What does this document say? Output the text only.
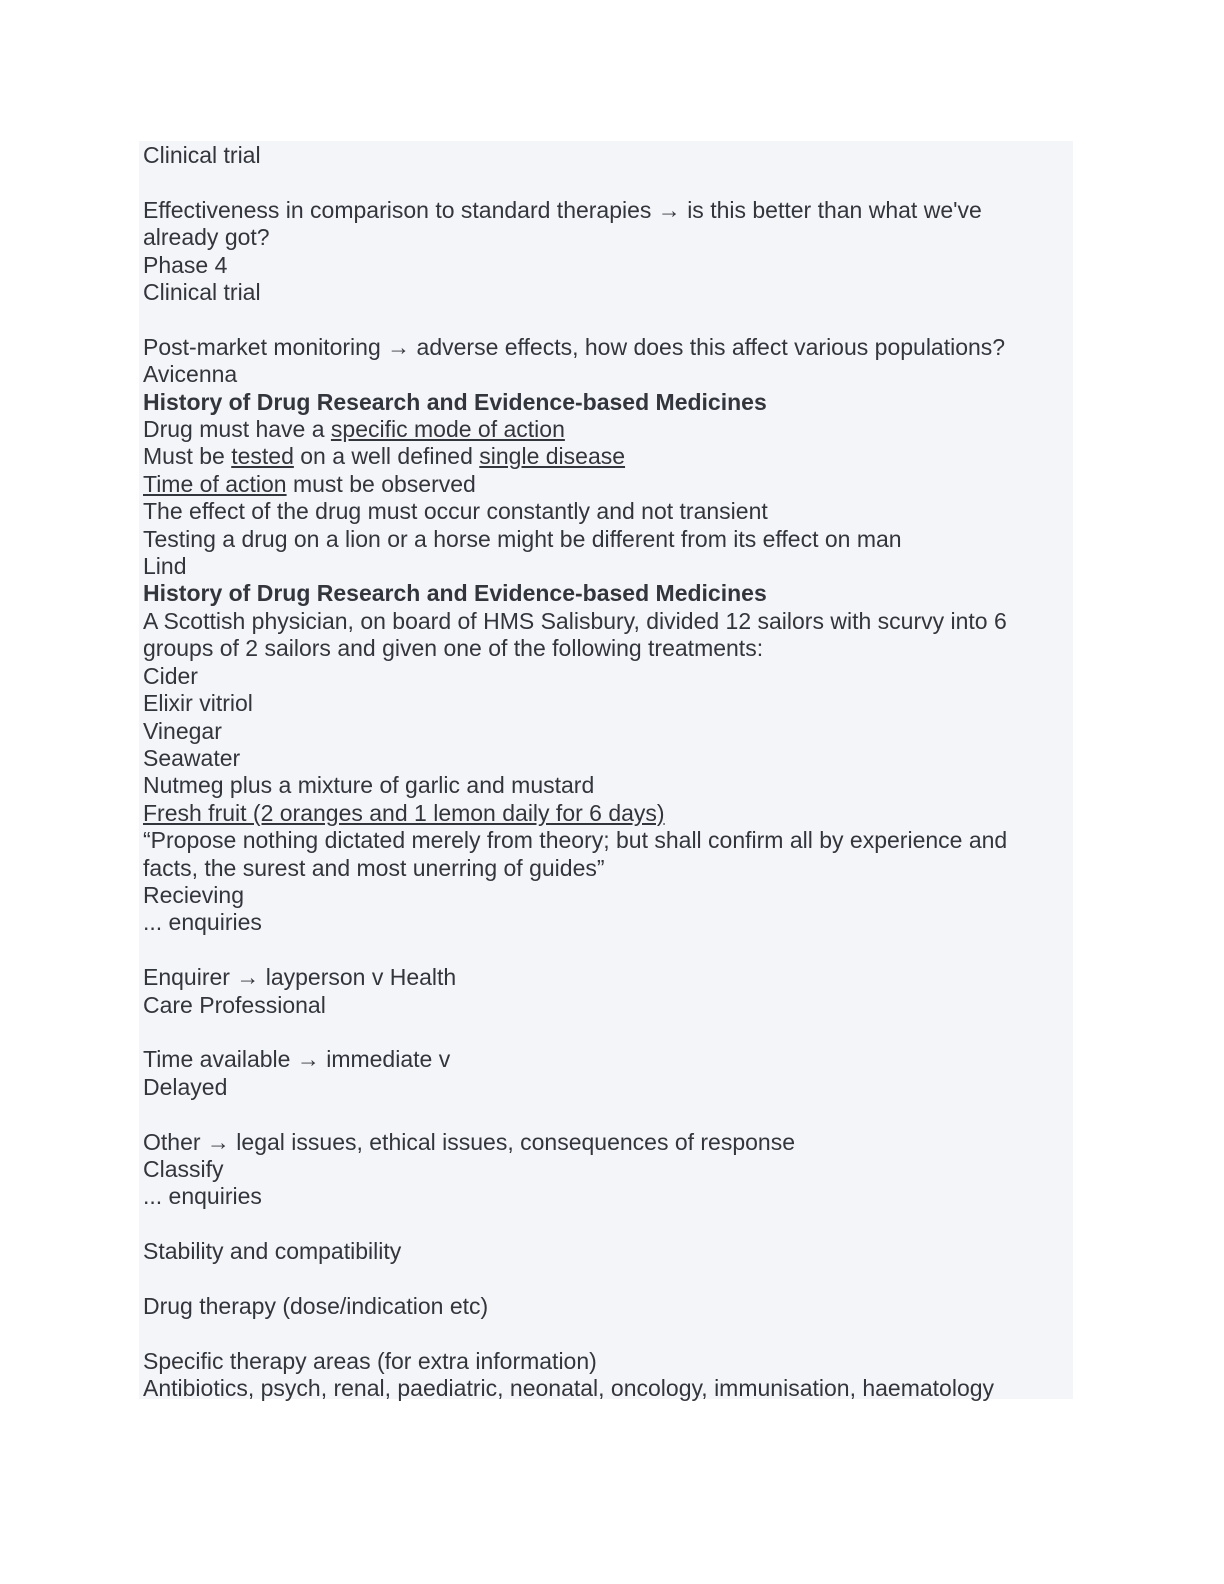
Clinical trial
Effectiveness in comparison to standard therapies → is this better than what we've
already got?
Phase 4
Clinical trial
Post-market monitoring → adverse effects, how does this affect various populations?
Avicenna
History of Drug Research and Evidence-based Medicines
Drug must have a specific mode of action
Must be tested on a well defined single disease
Time of action must be observed
The effect of the drug must occur constantly and not transient
Testing a drug on a lion or a horse might be different from its effect on man
Lind
History of Drug Research and Evidence-based Medicines
A Scottish physician, on board of HMS Salisbury, divided 12 sailors with scurvy into 6
groups of 2 sailors and given one of the following treatments:
Cider
Elixir vitriol
Vinegar
Seawater
Nutmeg plus a mixture of garlic and mustard
Fresh fruit (2 oranges and 1 lemon daily for 6 days)
“Propose nothing dictated merely from theory; but shall confirm all by experience and
facts, the surest and most unerring of guides”
Recieving
... enquiries
Enquirer → layperson v Health
Care Professional
Time available → immediate v
Delayed
Other → legal issues, ethical issues, consequences of response
Classify
... enquiries
Stability and compatibility
Drug therapy (dose/indication etc)
Specific therapy areas (for extra information)
Antibiotics, psych, renal, paediatric, neonatal, oncology, immunisation, haematology
